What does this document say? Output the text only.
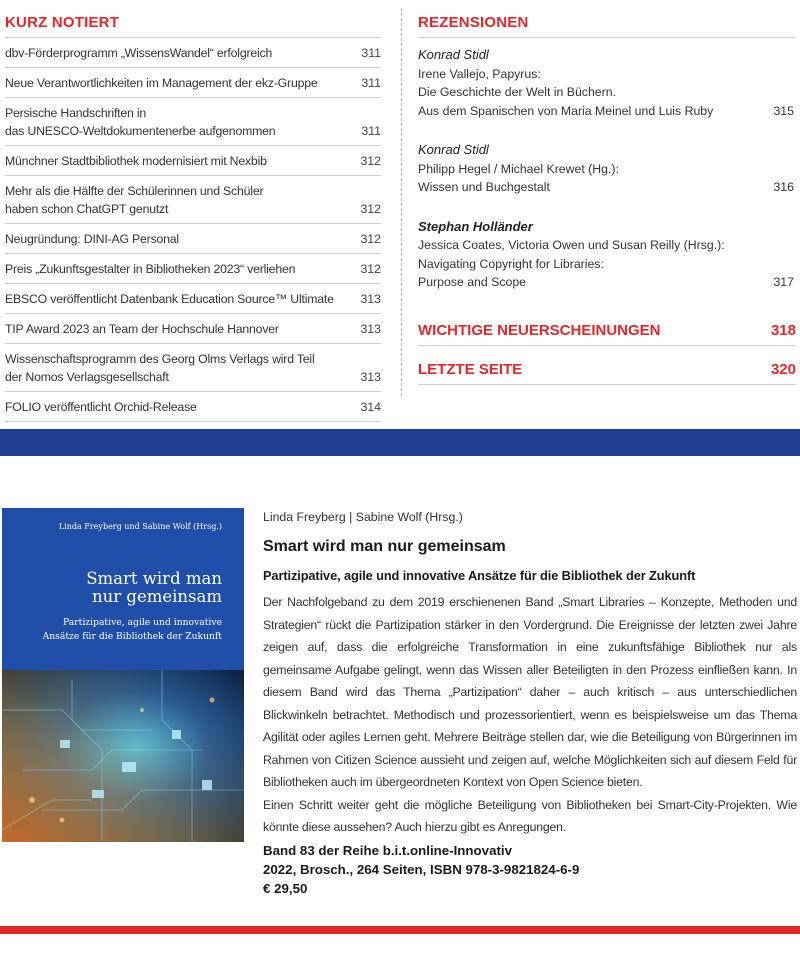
KURZ NOTIERT
dbv-Förderprogramm „WissensWandel“ erfolgreich	311
Neue Verantwortlichkeiten im Management der ekz-Gruppe	311
Persische Handschriften in
das UNESCO-Weltdokumentenerbe aufgenommen	311
Münchner Stadtbibliothek modernisiert mit Nexbib	312
Mehr als die Hälfte der Schülerinnen und Schüler
haben schon ChatGPT genutzt	312
Neugründung: DINI-AG Personal	312
Preis „Zukunftsgestalter in Bibliotheken 2023“ verliehen	312
EBSCO veröffentlicht Datenbank Education Source™ Ultimate 313
TIP Award 2023 an Team der Hochschule Hannover	313
Wissenschaftsprogramm des Georg Olms Verlags wird Teil
der Nomos Verlagsgesellschaft	313
FOLIO veröffentlicht Orchid-Release	314
REZENSIONEN
Konrad Stidl
Irene Vallejo, Papyrus:
Die Geschichte der Welt in Büchern.
Aus dem Spanischen von Maria Meinel und Luis Ruby	315
Konrad Stidl
Philipp Hegel / Michael Krewet (Hg.):
Wissen und Buchgestalt	316
Stephan Holländer
Jessica Coates, Victoria Owen und Susan Reilly (Hrsg.):
Navigating Copyright for Libraries:
Purpose and Scope	317
WICHTIGE NEUERSCHEINUNGEN	318
LETZTE SEITE	320
Linda Freyberg und Sabine Wolf (Hrsg.)
Smart wird man
nur gemeinsam
Partizipative, agile und innovative
Ansätze für die Bibliothek der Zukunft
Linda Freyberg | Sabine Wolf (Hrsg.)
Smart wird man nur gemeinsam
Partizipative, agile und innovative Ansätze für die Bibliothek der Zukunft
Der Nachfolgeband zu dem 2019 erschienenen Band „Smart Libraries – Konzepte, Methoden und Strategien“ rückt die Partizipation stärker in den Vordergrund. Die Ereignisse der letzten zwei Jahre zeigen auf, dass die erfolgreiche Transformation in eine zukunftsfähige Bibliothek nur als gemeinsame Aufgabe gelingt, wenn das Wissen aller Beteiligten in den Prozess einfließen kann. In diesem Band wird das Thema „Partizipation“ daher – auch kritisch – aus unterschiedlichen Blickwinkeln betrachtet. Methodisch und prozessorientiert, wenn es beispielsweise um das Thema Agilität oder agiles Lernen geht. Mehrere Beiträge stellen dar, wie die Beteiligung von Bürgerinnen im Rahmen von Citizen Science aussieht und zeigen auf, welche Möglichkeiten sich auf diesem Feld für Bibliotheken auch im übergeordneten Kontext von Open Science bieten.
Einen Schritt weiter geht die mögliche Beteiligung von Bibliotheken bei Smart-City-Projekten. Wie könnte diese aussehen? Auch hierzu gibt es Anregungen.
Band 83 der Reihe b.i.t.online-Innovativ
2022, Brosch., 264 Seiten, ISBN 978-3-9821824-6-9
€ 29,50
